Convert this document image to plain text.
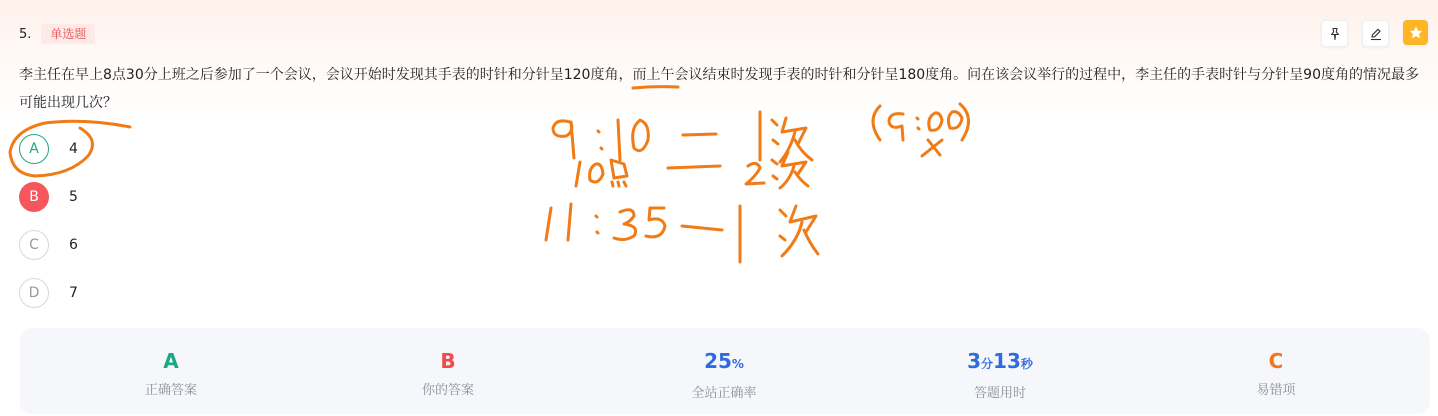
5.	单选题
李主任在早上8点30分上班之后参加了一个会议，会议开始时发现其手表的时针和分针呈120度角，而上午会议结束时发现手表的时针和分针呈180度角。问在该会议举行的过程中，李主任的手表时针与分针呈90度角的情况最多可能出现几次？
A	4
B	5
C	6
D	7
A
正确答案
B
你的答案
25%
全站正确率
3分13秒
答题用时
C
易错项
